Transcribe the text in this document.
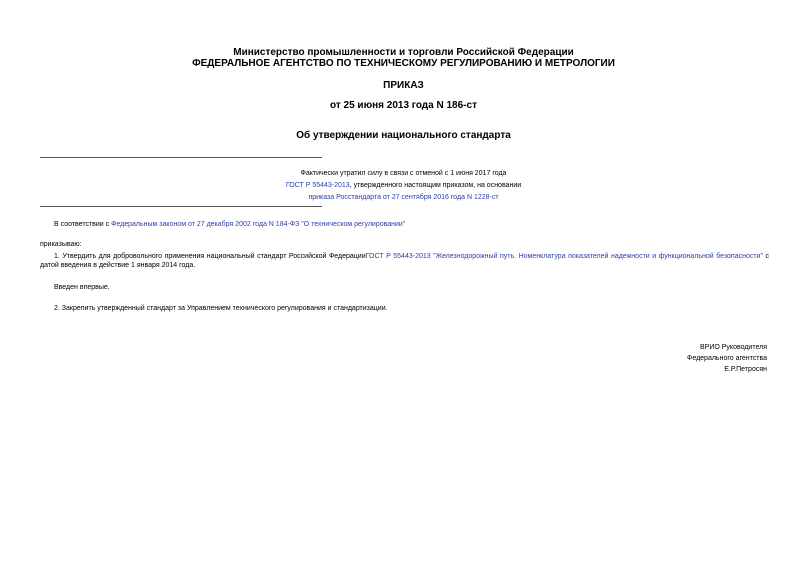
Министерство промышленности и торговли Российской Федерации
ФЕДЕРАЛЬНОЕ АГЕНТСТВО ПО ТЕХНИЧЕСКОМУ РЕГУЛИРОВАНИЮ И МЕТРОЛОГИИ
ПРИКАЗ
от 25 июня 2013 года N 186-ст
Об утверждении национального стандарта
Фактически утратил силу в связи с отменой с 1 июня 2017 года
ГОСТ Р 55443-2013, утвержденного настоящим приказом, на основании
приказа Росстандарта от 27 сентября 2016 года N 1228-ст
В соответствии с Федеральным законом от 27 декабря 2002 года N 184-ФЗ "О техническом регулировании"
приказываю:
1. Утвердить для добровольного применения национальный стандарт Российской ФедерацииГОСТ Р 55443-2013 "Железнодорожный путь. Номенклатура показателей надежности и функциональной безопасности" с датой введения в действие 1 января 2014 года.
Введен впервые.
2. Закрепить утвержденный стандарт за Управлением технического регулирования и стандартизации.
ВРИО Руководителя
Федерального агентства
Е.Р.Петросян
